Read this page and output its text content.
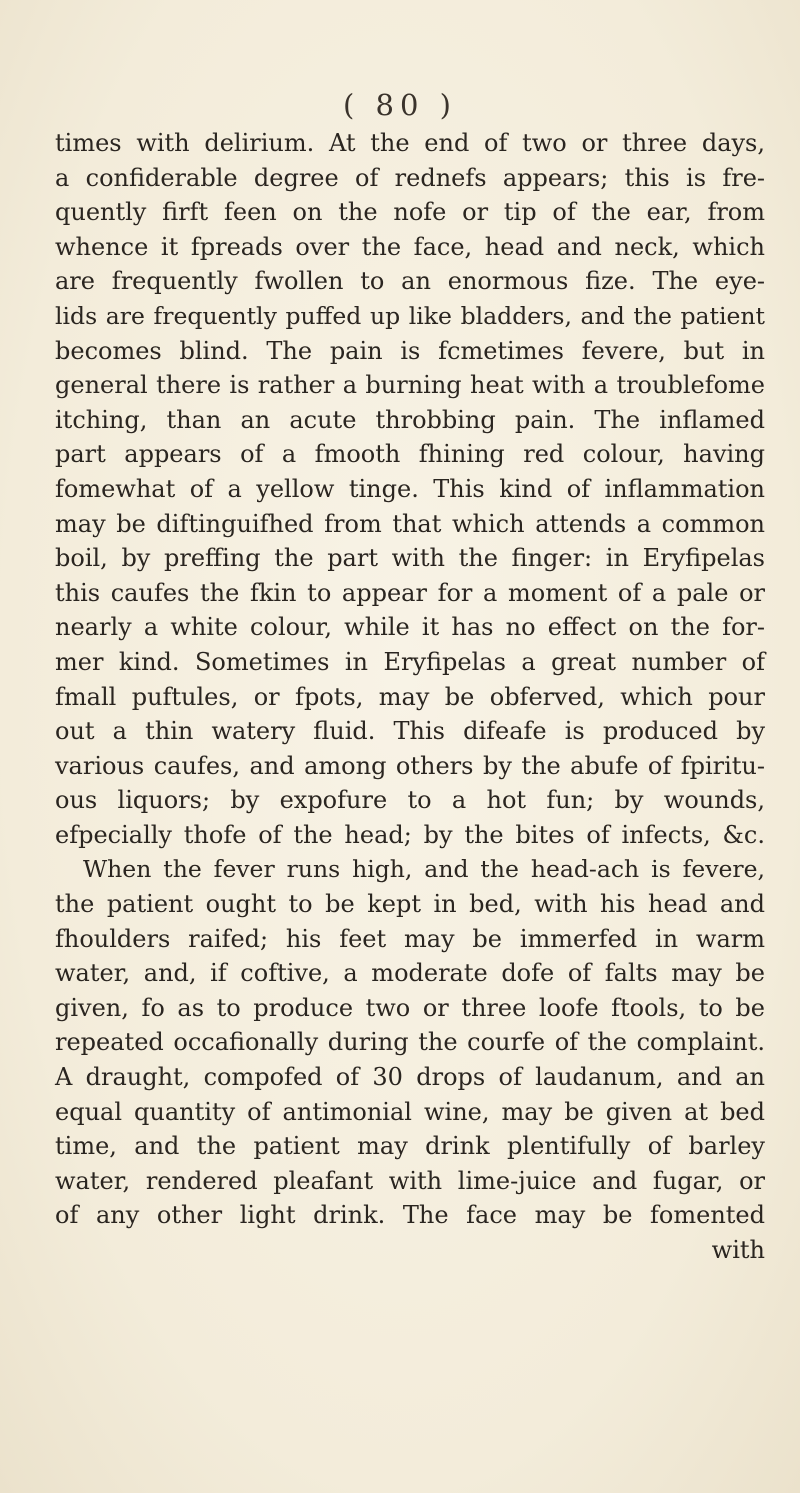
( 80 )
times with delirium. At the end of two or three days,
a confiderable degree of rednefs appears; this is fre-
quently firft feen on the nofe or tip of the ear, from
whence it fpreads over the face, head and neck, which
are frequently fwollen to an enormous fize. The eye-
lids are frequently puffed up like bladders, and the patient
becomes blind. The pain is fcmetimes fevere, but in
general there is rather a burning heat with a troublefome
itching, than an acute throbbing pain. The inflamed
part appears of a fmooth fhining red colour, having
fomewhat of a yellow tinge. This kind of inflammation
may be diftinguifhed from that which attends a common
boil, by preffing the part with the finger: in Eryfipelas
this caufes the fkin to appear for a moment of a pale or
nearly a white colour, while it has no effect on the for-
mer kind. Sometimes in Eryfipelas a great number of
fmall puftules, or fpots, may be obferved, which pour
out a thin watery fluid. This difeafe is produced by
various caufes, and among others by the abufe of fpiritu-
ous liquors; by expofure to a hot fun; by wounds,
efpecially thofe of the head; by the bites of infects, &c.
When the fever runs high, and the head-ach is fevere,
the patient ought to be kept in bed, with his head and
fhoulders raifed; his feet may be immerfed in warm
water, and, if coftive, a moderate dofe of falts may be
given, fo as to produce two or three loofe ftools, to be
repeated occafionally during the courfe of the complaint.
A draught, compofed of 30 drops of laudanum, and an
equal quantity of antimonial wine, may be given at bed
time, and the patient may drink plentifully of barley
water, rendered pleafant with lime-juice and fugar, or
of any other light drink. The face may be fomented
with
